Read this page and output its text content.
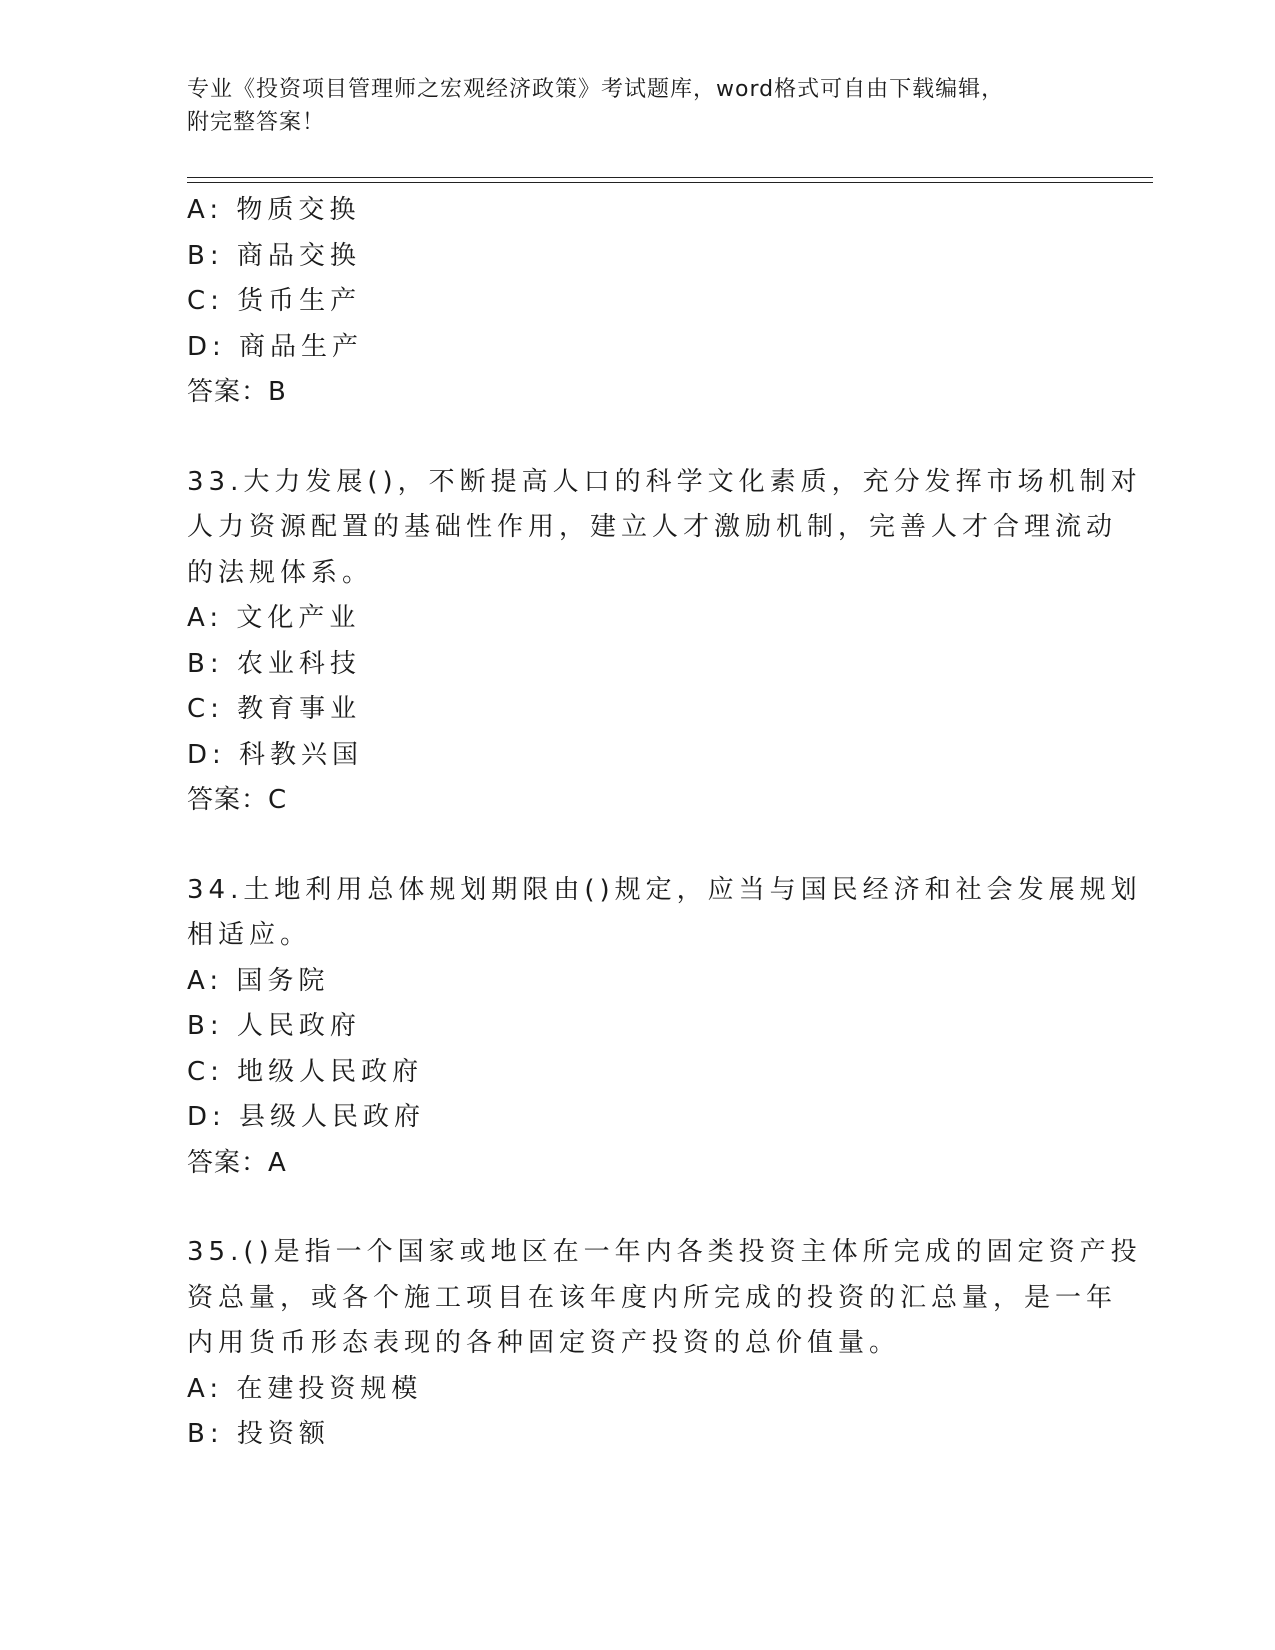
专业《投资项目管理师之宏观经济政策》考试题库，word格式可自由下载编辑，
附完整答案！
A: 物质交换
B: 商品交换
C: 货币生产
D: 商品生产
答案：B
33.大力发展()，不断提高人口的科学文化素质，充分发挥市场机制对
人力资源配置的基础性作用，建立人才激励机制，完善人才合理流动
的法规体系。
A: 文化产业
B: 农业科技
C: 教育事业
D: 科教兴国
答案：C
34.土地利用总体规划期限由()规定，应当与国民经济和社会发展规划
相适应。
A: 国务院
B: 人民政府
C: 地级人民政府
D: 县级人民政府
答案：A
35.()是指一个国家或地区在一年内各类投资主体所完成的固定资产投
资总量，或各个施工项目在该年度内所完成的投资的汇总量，是一年
内用货币形态表现的各种固定资产投资的总价值量。
A: 在建投资规模
B: 投资额
